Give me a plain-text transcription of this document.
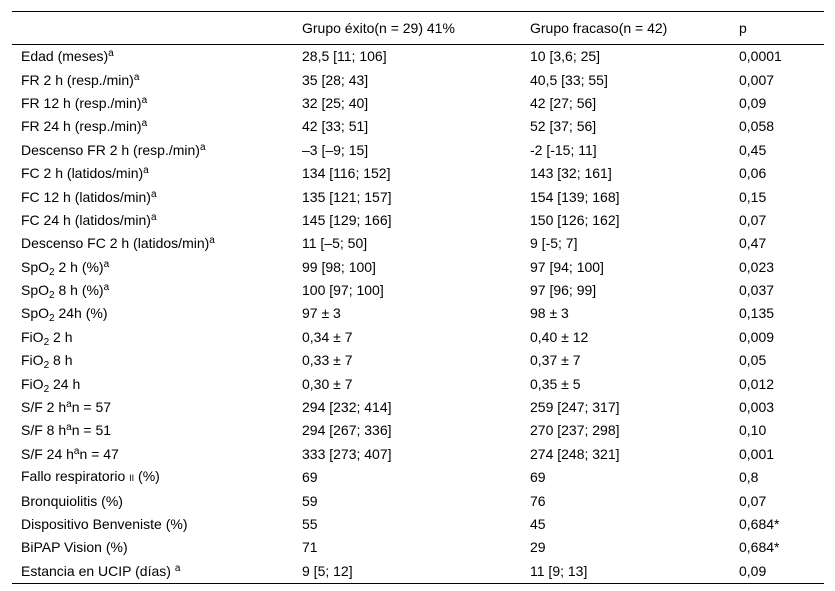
	Grupo éxito(n = 29) 41%	Grupo fracaso(n = 42)	p
Edad (meses)$^a$	28,5 [11; 106]	10 [3,6; 25]	0,0001
FR 2 h (resp./min)$^a$	35 [28; 43]	40,5 [33; 55]	0,007
FR 12 h (resp./min)$^a$	32 [25; 40]	42 [27; 56]	0,09
FR 24 h (resp./min)$^a$	42 [33; 51]	52 [37; 56]	0,058
Descenso FR 2 h (resp./min)$^a$	–3 [–9; 15]	-2 [-15; 11]	0,45
FC 2 h (latidos/min)$^a$	134 [116; 152]	143 [32; 161]	0,06
FC 12 h (latidos/min)$^a$	135 [121; 157]	154 [139; 168]	0,15
FC 24 h (latidos/min)$^a$	145 [129; 166]	150 [126; 162]	0,07
Descenso FC 2 h (latidos/min)$^a$	11 [–5; 50]	9 [-5; 7]	0,47
SpO$_2$ 2 h (%)$^a$	99 [98; 100]	97 [94; 100]	0,023
SpO$_2$ 8 h (%)$^a$	100 [97; 100]	97 [96; 99]	0,037
SpO$_2$ 24h (%)	97 ± 3	98 ± 3	0,135
FiO$_2$ 2 h	0,34 ± 7	0,40 ± 12	0,009
FiO$_2$ 8 h	0,33 ± 7	0,37 ± 7	0,05
FiO$_2$ 24 h	0,30 ± 7	0,35 ± 5	0,012
S/F 2 $h^an = 57$	294 [232; 414]	259 [247; 317]	0,003
S/F 8 $h^an = 51$	294 [267; 336]	270 [237; 298]	0,10
S/F 24 $h^an = 47$	333 [273; 407]	274 [248; 321]	0,001
Fallo respiratorio II (%)	69	69	0,8
Bronquiolitis (%)	59	76	0,07
Dispositivo Benveniste (%)	55	45	0,684*
BiPAP Vision (%)	71	29	0,684*
Estancia en UCIP (días) $^a$	9 [5; 12]	11 [9; 13]	0,09
